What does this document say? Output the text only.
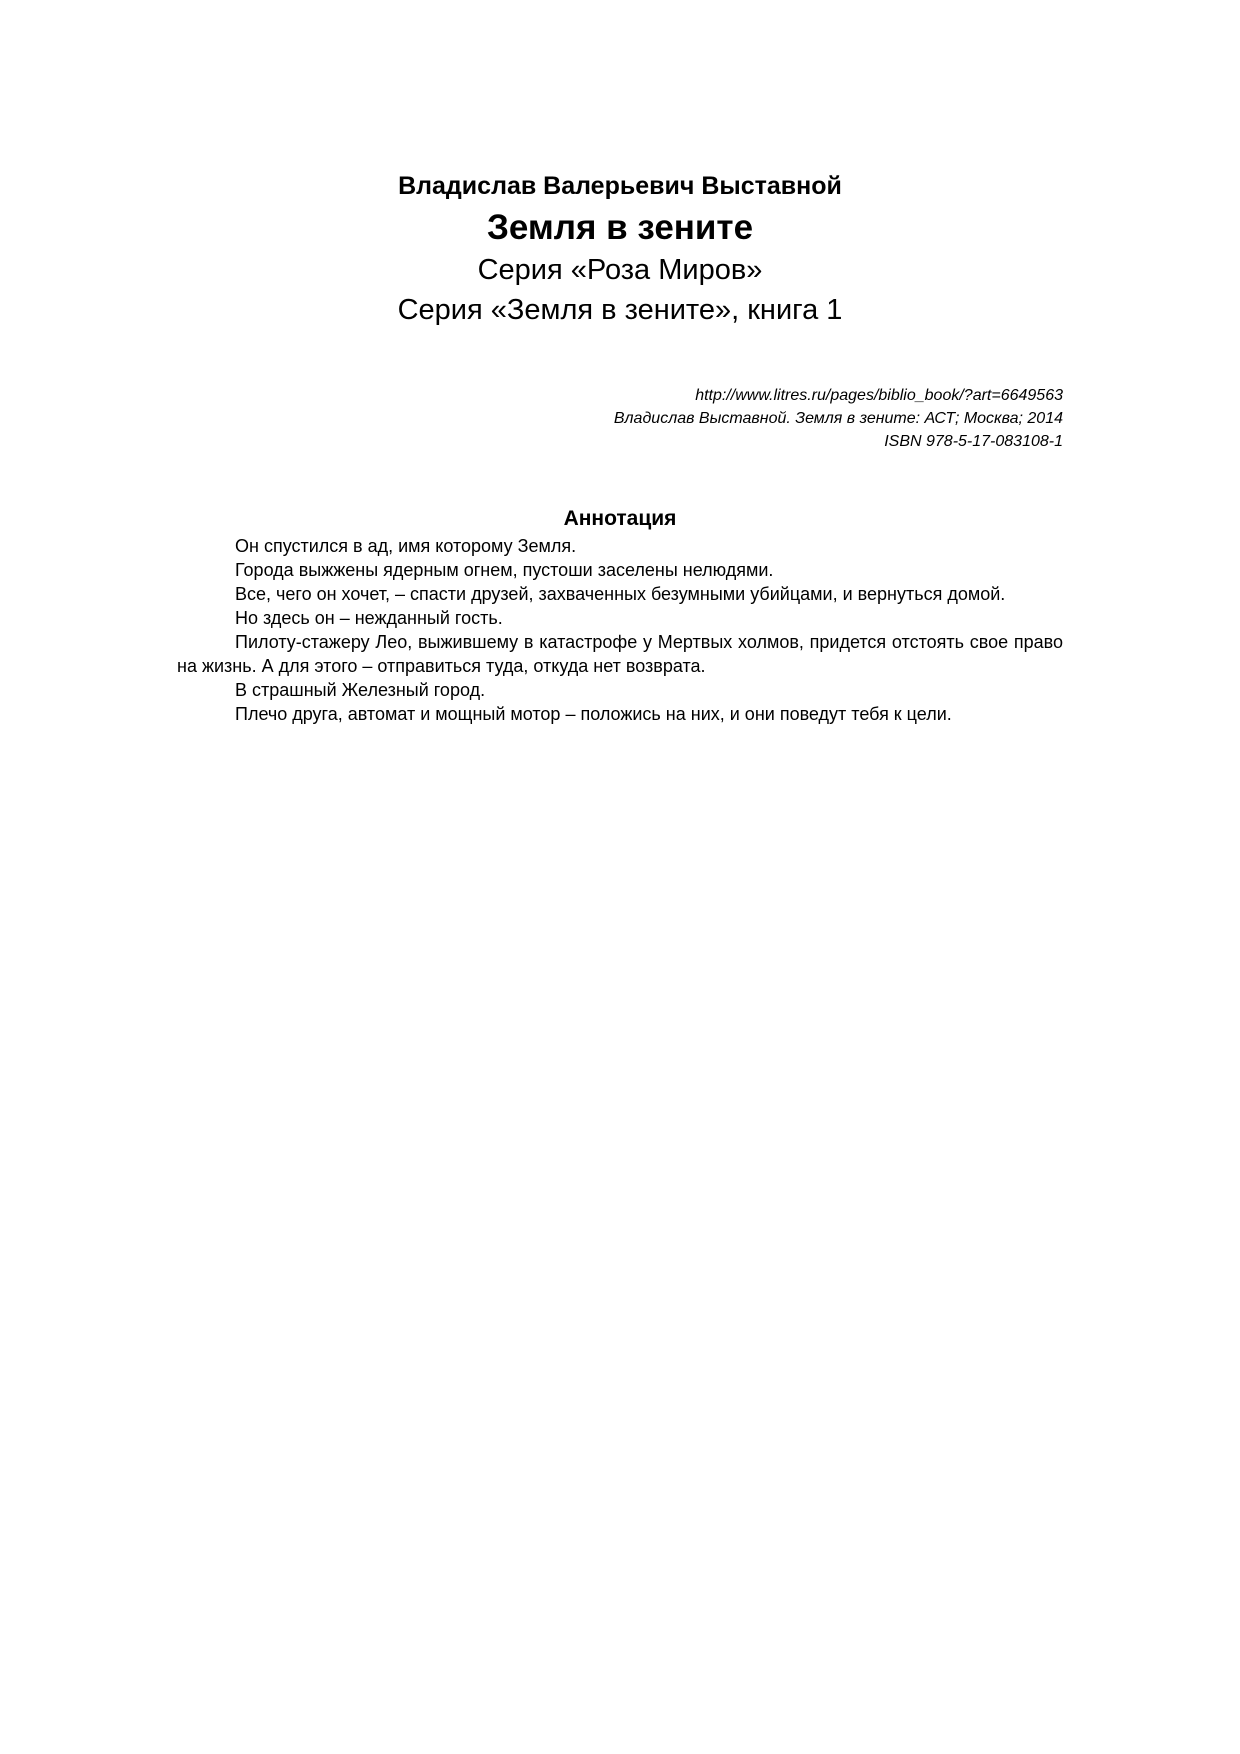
Владислав Валерьевич Выставной

Земля в зените

Серия «Роза Миров»

Серия «Земля в зените», книга 1

http://www.litres.ru/pages/biblio_book/?art=6649563
Владислав Выставной. Земля в зените: АСТ; Москва; 2014
ISBN 978-5-17-083108-1

Аннотация

Он спустился в ад, имя которому Земля.

Города выжжены ядерным огнем, пустоши заселены нелюдями.

Все, чего он хочет, – спасти друзей, захваченных безумными убийцами, и вернуться домой.

Но здесь он – нежданный гость.

Пилоту-стажеру Лео, выжившему в катастрофе у Мертвых холмов, придется отстоять свое право на жизнь. А для этого – отправиться туда, откуда нет возврата.

В страшный Железный город.

Плечо друга, автомат и мощный мотор – положись на них, и они поведут тебя к цели.
